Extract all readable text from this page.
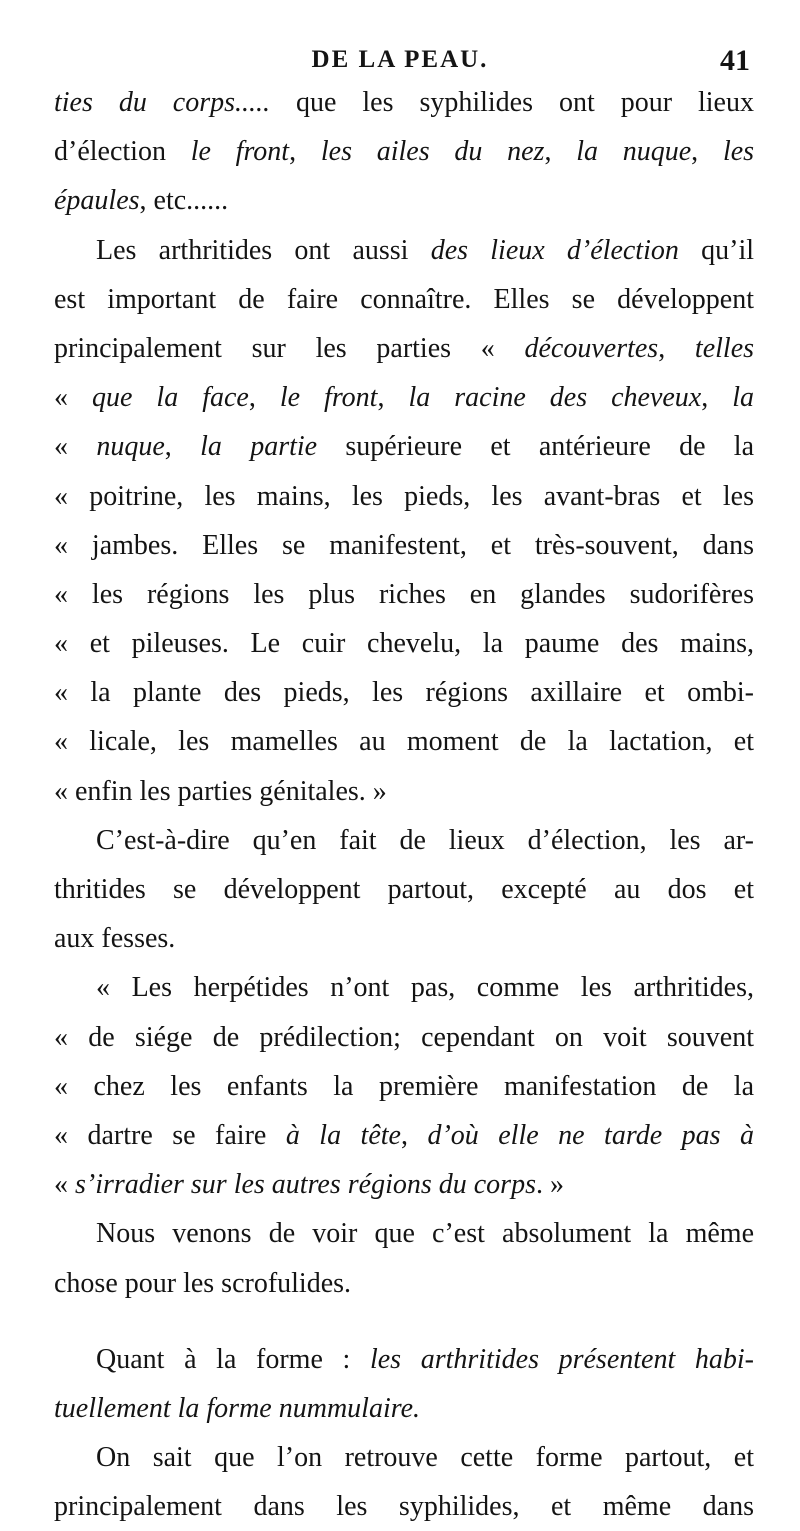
DE LA PEAU.	41
ties du corps..... que les syphilides ont pour lieux
d’élection le front, les ailes du nez, la nuque, les
épaules, etc......
Les arthritides ont aussi des lieux d’élection qu’il
est important de faire connaître. Elles se développent
principalement sur les parties « découvertes, telles
« que la face, le front, la racine des cheveux, la
« nuque, la partie supérieure et antérieure de la
« poitrine, les mains, les pieds, les avant-bras et les
« jambes. Elles se manifestent, et très-souvent, dans
« les régions les plus riches en glandes sudorifères
« et pileuses. Le cuir chevelu, la paume des mains,
« la plante des pieds, les régions axillaire et ombi-
« licale, les mamelles au moment de la lactation, et
« enfin les parties génitales. »
C’est-à-dire qu’en fait de lieux d’élection, les ar-
thritides se développent partout, excepté au dos et
aux fesses.
« Les herpétides n’ont pas, comme les arthritides,
« de siége de prédilection; cependant on voit souvent
« chez les enfants la première manifestation de la
« dartre se faire à la tête, d’où elle ne tarde pas à
« s’irradier sur les autres régions du corps. »
Nous venons de voir que c’est absolument la même
chose pour les scrofulides.
Quant à la forme : les arthritides présentent habi-
tuellement la forme nummulaire.
On sait que l’on retrouve cette forme partout, et
principalement dans les syphilides, et même dans
